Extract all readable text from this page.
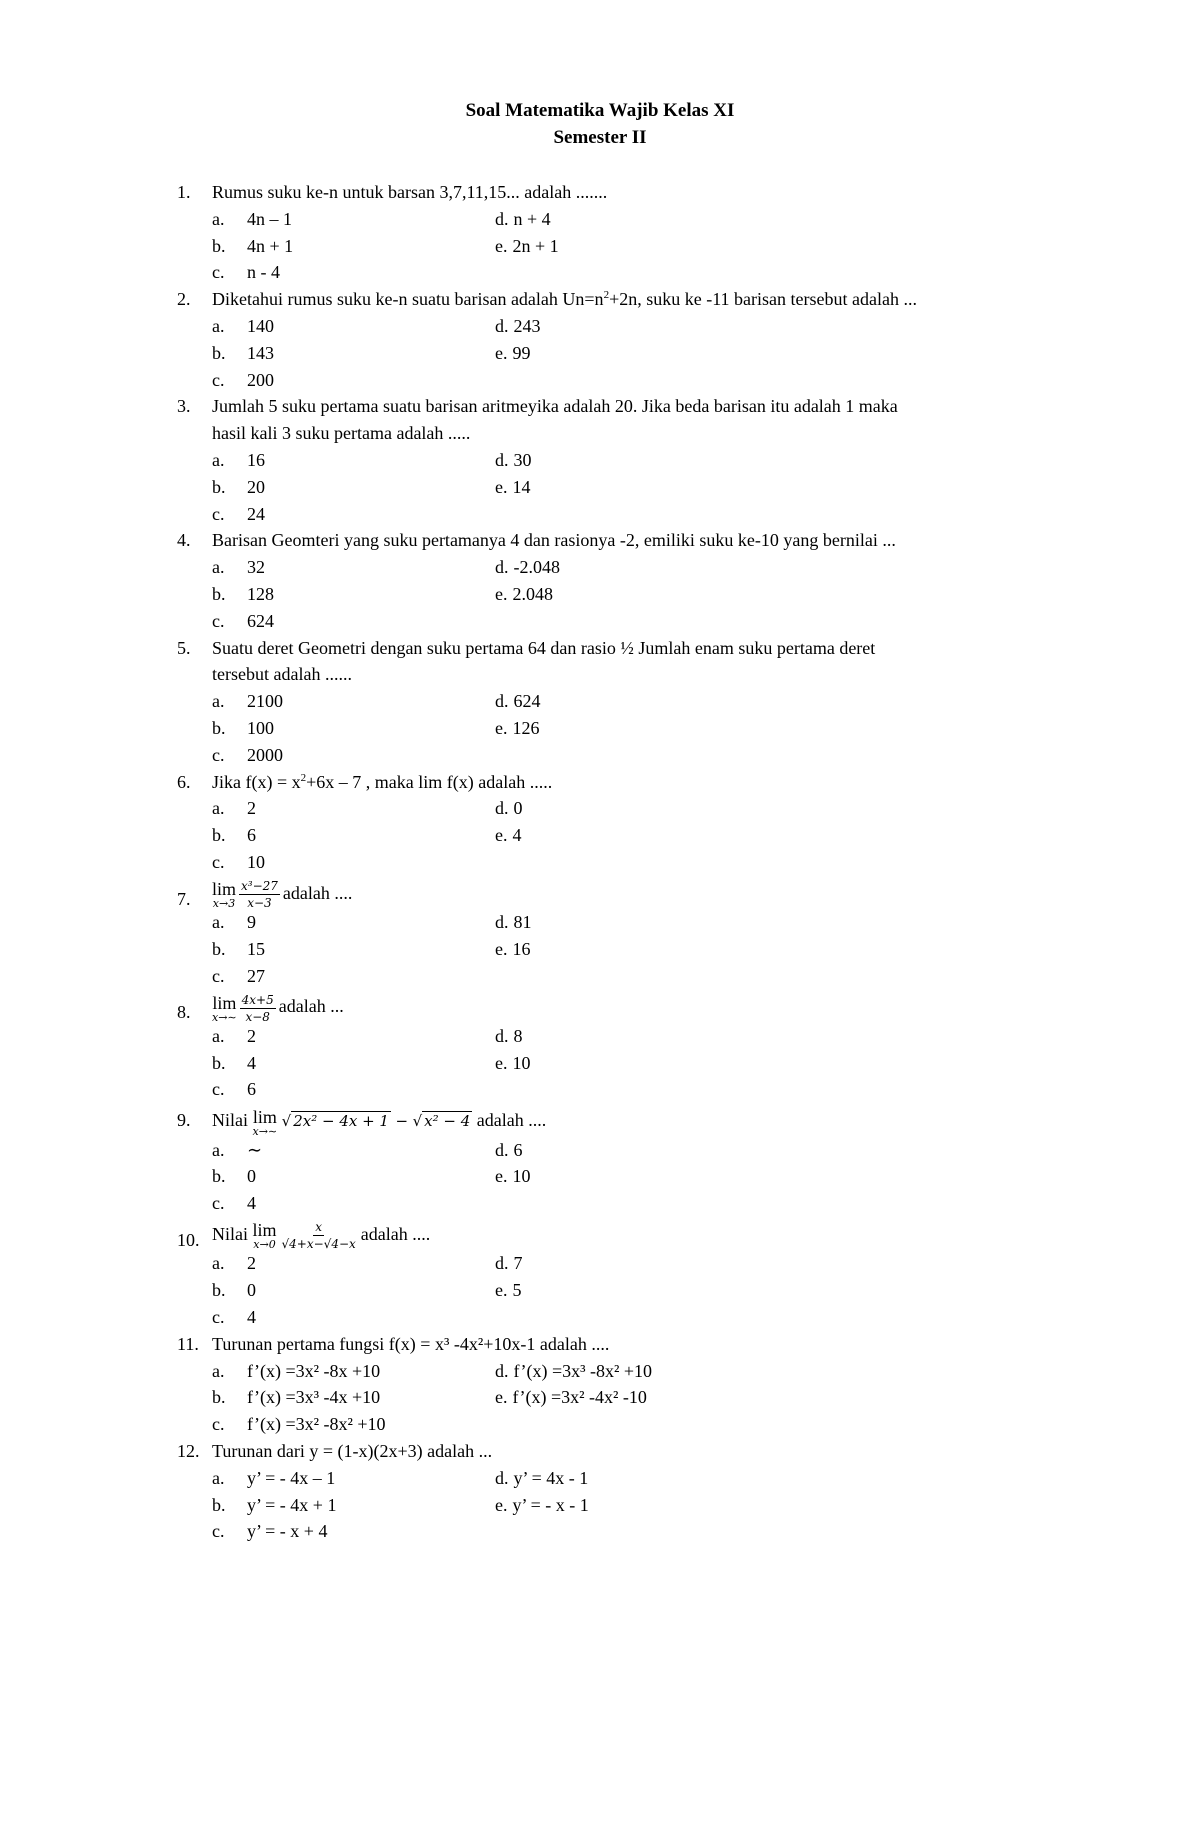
Soal Matematika Wajib Kelas XI
Semester II
1.	Rumus suku ke-n untuk barsan 3,7,11,15... adalah .......
a.	4n – 1	d. n + 4
b.	4n + 1	e. 2n + 1
c.	n - 4
2.	Diketahui rumus suku ke-n suatu barisan adalah $Un=n^2+2n$, suku ke -11 barisan tersebut adalah ...
a.	140	d. 243
b.	143	e. 99
c.	200
3.	Jumlah 5 suku pertama suatu barisan aritmeyika adalah 20. Jika beda barisan itu adalah 1 maka
hasil kali 3 suku pertama adalah .....
a.	16	d. 30
b.	20	e. 14
c.	24
4.	Barisan Geomteri yang suku pertamanya 4 dan rasionya -2, emiliki suku ke-10 yang bernilai ...
a.	32	d. -2.048
b.	128	e. 2.048
c.	624
5.	Suatu deret Geometri dengan suku pertama 64 dan rasio ½ Jumlah enam suku pertama deret
tersebut adalah ......
a.	2100	d. 624
b.	100	e. 126
c.	2000
6.	Jika $f(x) = x^2+6x - 7$ , maka lim f(x) adalah .....
a.	2	d. 0
b.	6	e. 4
c.	10
7.	lim
$x\to 3 \frac{\text{x³−27}}{x-3}$ adalah ....
a.	9	d. 81
b.	15	e. 16
c.	27
8.	lim
x→∼ $\frac{4x+5}{x-8}$ adalah ...
a.	2	d. 8
b.	4	e. 10
c.	6
9.	Nilai lim
x→∼
√ 2x² − 4x + 1 − √ x² − 4 adalah ....
a.	∼	d. 6
b.	0	e. 10
c.	4
10. Nilai lim
$x\to 0 \frac{x}{√4+x-√4-x}$ adalah ....
a.	2	d. 7
b.	0	e. 5
c.	4
11. Turunan pertama fungsi f(x) = x³ -4x²+10x-1 adalah ....
a.	f’(x) =3x² -8x +10	d. f’(x) =3x³ -8x² +10
b.	f’(x) =3x³ -4x +10	e. f’(x) =3x² -4x² -10
c.	f’(x) =3x² -8x² +10
12. Turunan dari y = (1-x)(2x+3) adalah ...
a.	y’ = - 4x – 1	d. y’ = 4x - 1
b.	y’ = - 4x + 1	e. y’ = - x - 1
c.	y’ = - x + 4
